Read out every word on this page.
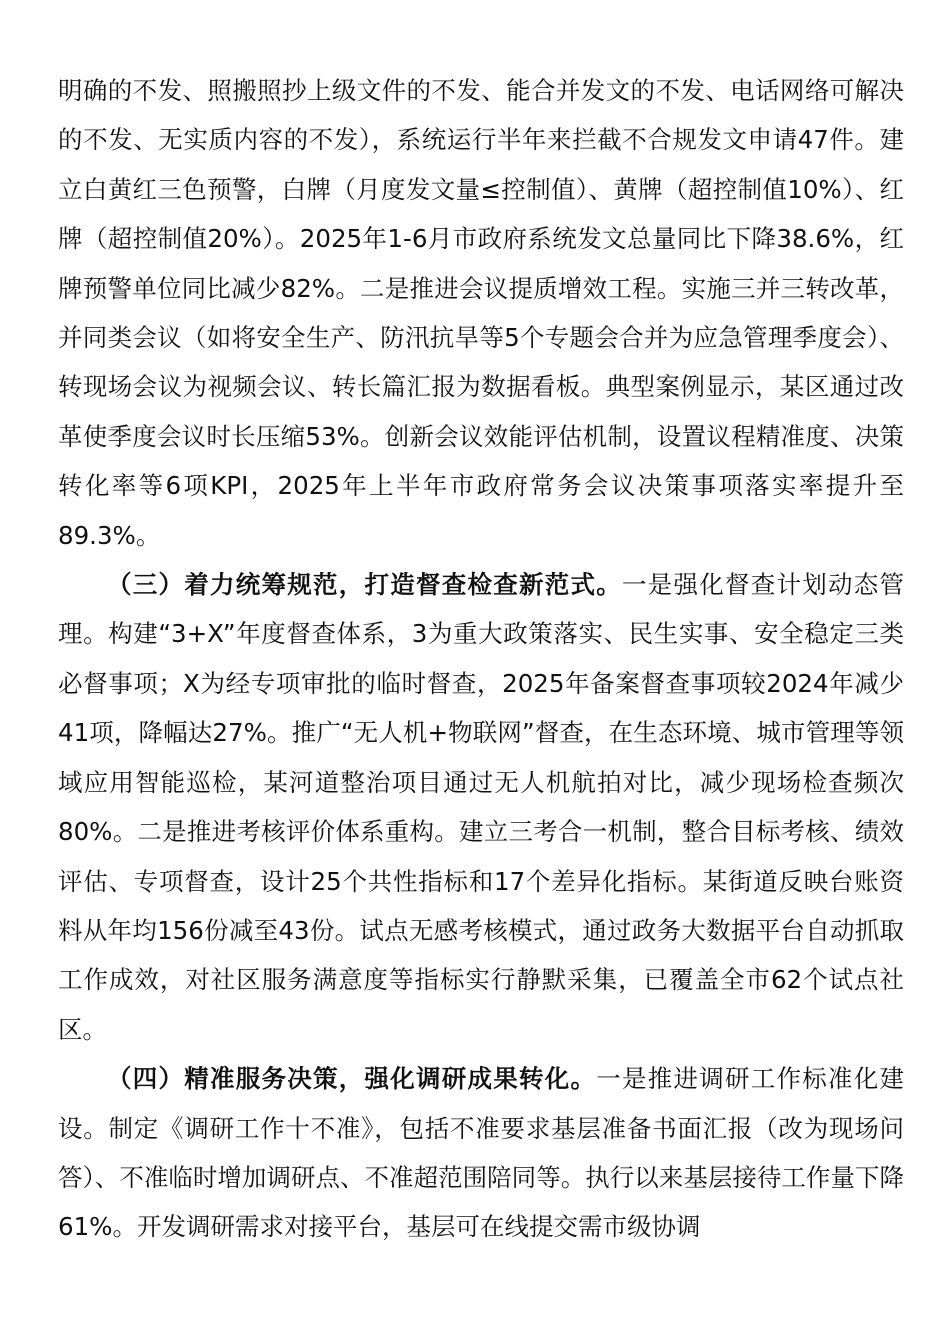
明确的不发、照搬照抄上级文件的不发、能合并发文的不发、电话网络可解决的不发、无实质内容的不发），系统运行半年来拦截不合规发文申请47件。建立白黄红三色预警，白牌（月度发文量≤控制值）、黄牌（超控制值10%）、红牌（超控制值20%）。2025年1-6月市政府系统发文总量同比下降38.6%，红牌预警单位同比减少82%。二是推进会议提质增效工程。实施三并三转改革，并同类会议（如将安全生产、防汛抗旱等5个专题会合并为应急管理季度会）、转现场会议为视频会议、转长篇汇报为数据看板。典型案例显示，某区通过改革使季度会议时长压缩53%。创新会议效能评估机制，设置议程精准度、决策转化率等6项KPI，2025年上半年市政府常务会议决策事项落实率提升至89.3%。

（三）着力统筹规范，打造督查检查新范式。一是强化督查计划动态管理。构建“3+X”年度督查体系，3为重大政策落实、民生实事、安全稳定三类必督事项；X为经专项审批的临时督查，2025年备案督查事项较2024年减少41项，降幅达27%。推广“无人机+物联网”督查，在生态环境、城市管理等领域应用智能巡检，某河道整治项目通过无人机航拍对比，减少现场检查频次80%。二是推进考核评价体系重构。建立三考合一机制，整合目标考核、绩效评估、专项督查，设计25个共性指标和17个差异化指标。某街道反映台账资料从年均156份减至43份。试点无感考核模式，通过政务大数据平台自动抓取工作成效，对社区服务满意度等指标实行静默采集，已覆盖全市62个试点社区。

（四）精准服务决策，强化调研成果转化。一是推进调研工作标准化建设。制定《调研工作十不准》，包括不准要求基层准备书面汇报（改为现场问答）、不准临时增加调研点、不准超范围陪同等。执行以来基层接待工作量下降61%。开发调研需求对接平台，基层可在线提交需市级协调
